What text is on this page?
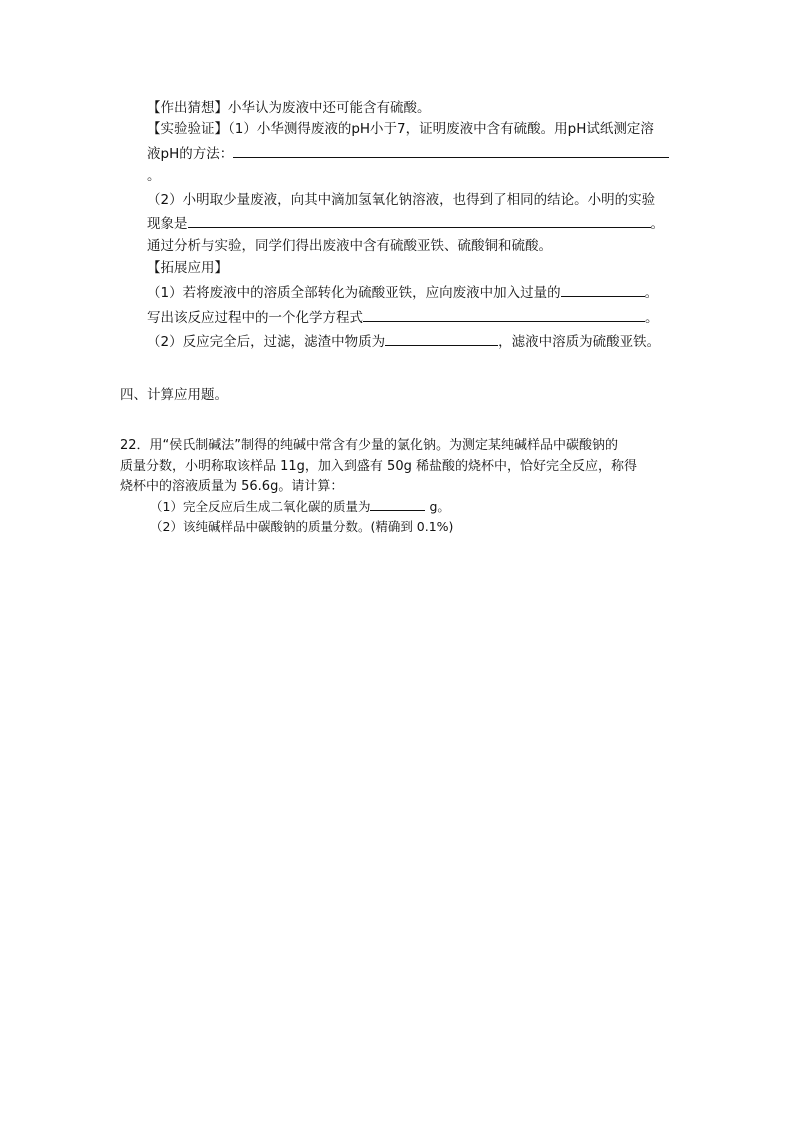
【作出猜想】小华认为废液中还可能含有硫酸。
【实验验证】（1）小华测得废液的pH小于7，证明废液中含有硫酸。用pH试纸测定溶
液pH的方法：
。
（2）小明取少量废液，向其中滴加氢氧化钠溶液，也得到了相同的结论。小明的实验
现象是	。
通过分析与实验，同学们得出废液中含有硫酸亚铁、硫酸铜和硫酸。
【拓展应用】
（1）若将废液中的溶质全部转化为硫酸亚铁，应向废液中加入过量的	。
写出该反应过程中的一个化学方程式	。
（2）反应完全后，过滤，滤渣中物质为	，滤液中溶质为硫酸亚铁。
四、计算应用题。
22．用“侯氏制碱法”制得的纯碱中常含有少量的氯化钠。为测定某纯碱样品中碳酸钠的
质量分数，小明称取该样品 11g，加入到盛有 50g 稀盐酸的烧杯中，恰好完全反应，称得
烧杯中的溶液质量为 56.6g。请计算：
（1）完全反应后生成二氧化碳的质量为	g。
（2）该纯碱样品中碳酸钠的质量分数。(精确到 0.1%)
